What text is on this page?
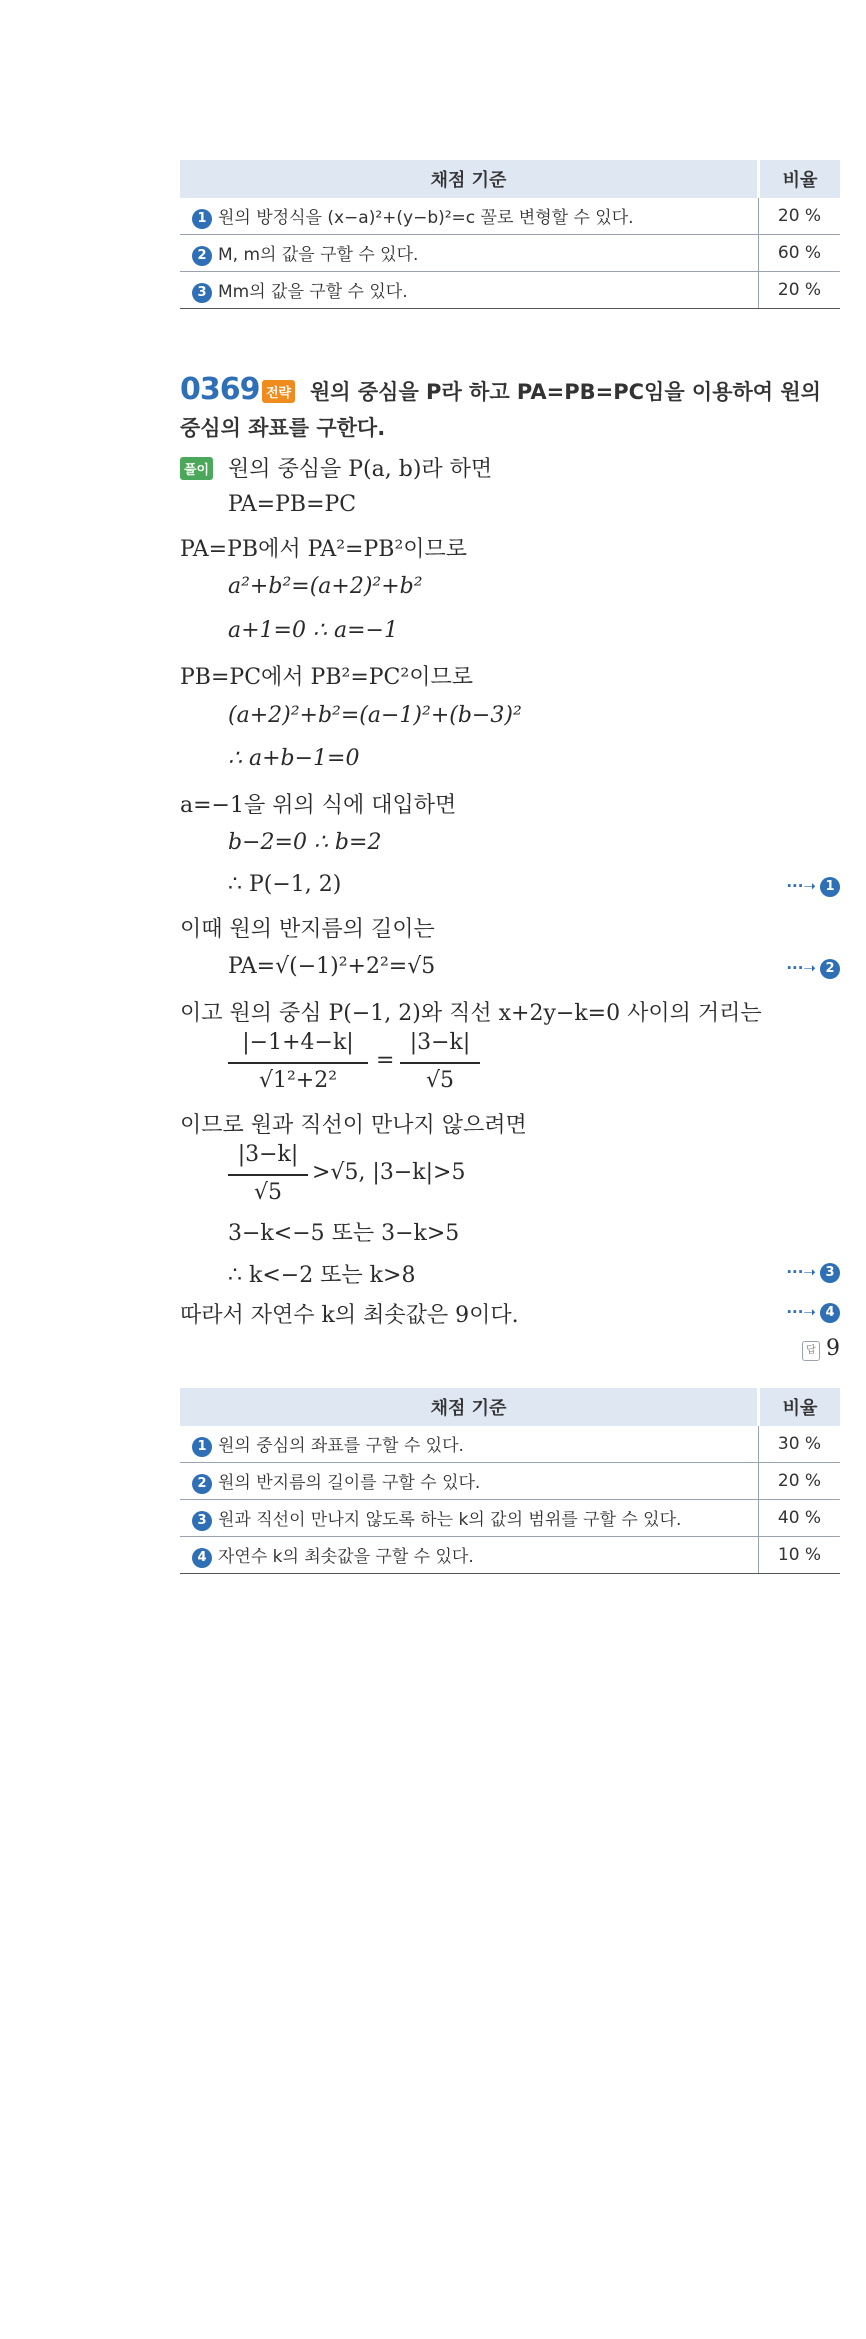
채점 기준	비율
1 원의 방정식을 (x−a)²+(y−b)²=c 꼴로 변형할 수 있다.	20 %
2 M, m의 값을 구할 수 있다.	60 %
3 Mm의 값을 구할 수 있다.	20 %
0369 전략 원의 중심을 P라 하고 PA=PB=PC임을 이용하여 원의
중심의 좌표를 구한다.
풀이 원의 중심을 P(a, b)라 하면
PA=PB=PC
PA=PB에서 PA²=PB²이므로
a²+b²=(a+2)²+b²
a+1=0 ∴ a=−1
PB=PC에서 PB²=PC²이므로
(a+2)²+b²=(a−1)²+(b−3)²
∴ a+b−1=0
a=−1을 위의 식에 대입하면
b−2=0 ∴ b=2
∴ P(−1, 2)	···➝ 1
이때 원의 반지름의 길이는
PA=√(−1)²+2²=√5	···➝ 2
이고 원의 중심 P(−1, 2)와 직선 x+2y−k=0 사이의 거리는
|−1+4−k|
√1²+2²
=
|3−k|
√5
이므로 원과 직선이 만나지 않으려면
|3−k|
√5
>√5, |3−k|>5
3−k<−5 또는 3−k>5
∴ k<−2 또는 k>8	···➝ 3
따라서 자연수 k의 최솟값은 9이다.	···➝ 4
답 9
채점 기준	비율
1 원의 중심의 좌표를 구할 수 있다.	30 %
2 원의 반지름의 길이를 구할 수 있다.	20 %
3 원과 직선이 만나지 않도록 하는 k의 값의 범위를 구할 수 있다.	40 %
4 자연수 k의 최솟값을 구할 수 있다.	10 %
